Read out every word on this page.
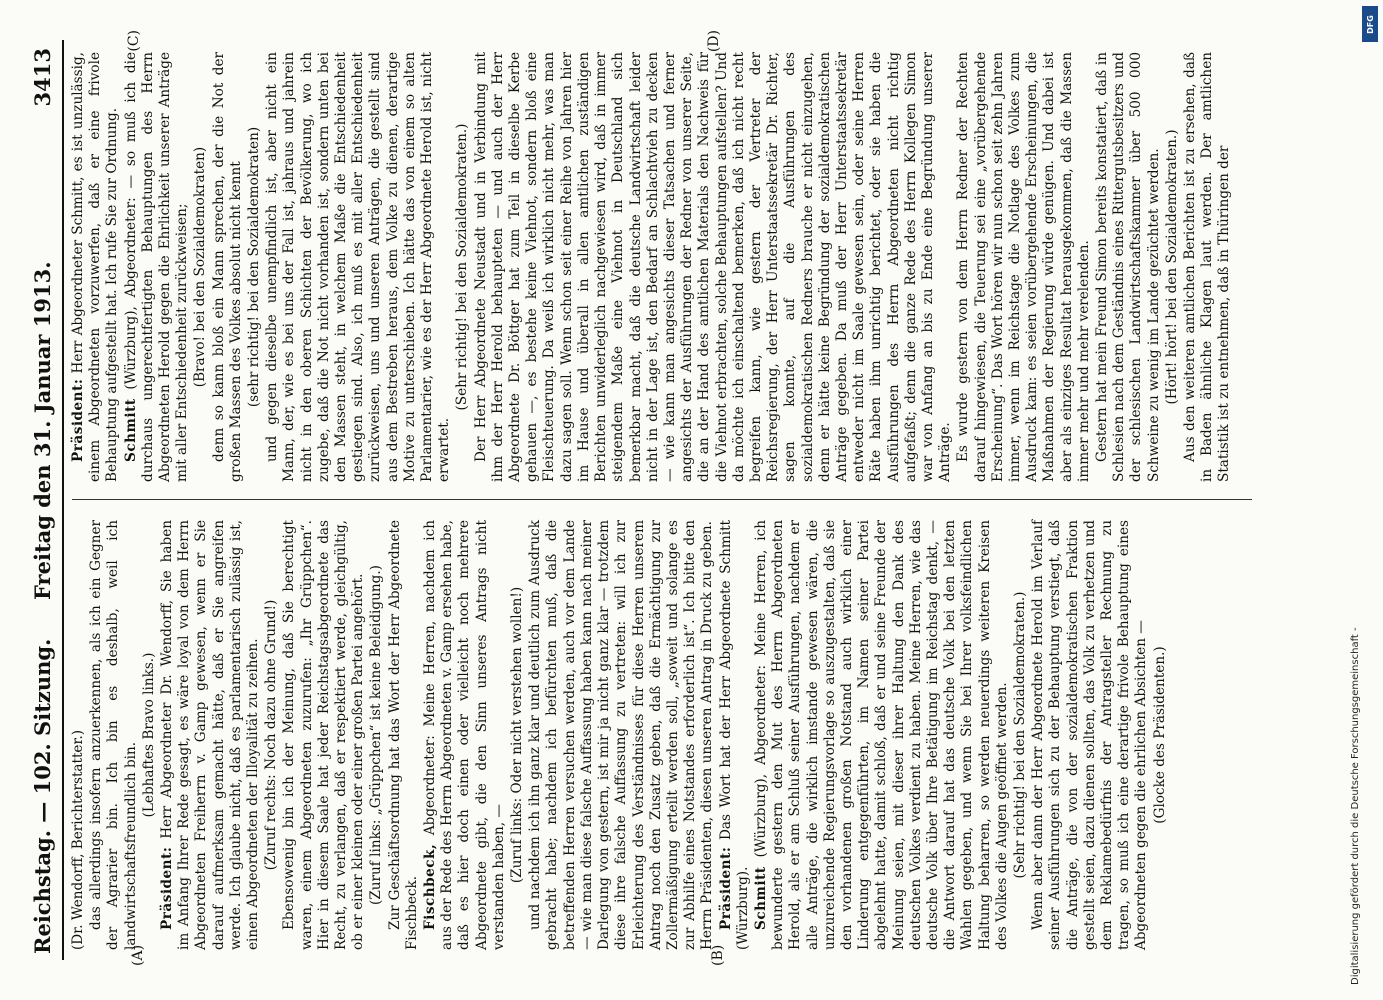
Reichstag. — 102. Sitzung.
Freitag den 31. Januar 1913.
3413
(A)	(B)

(Dr. Wendorff, Berichterstatter.) das allerdings insofern anzuerkennen, als ich ein Gegner der Agrarier bin. Ich bin es deshalb, weil ich landwirtschaftsfreundlich bin.

(Lebhaftes Bravo links.)

Präsident: Herr Abgeordneter Dr. Wendorff, Sie haben im Anfang Ihrer Rede gesagt, es wäre loyal von dem Herrn Abgeordneten Freiherrn v. Gamp gewesen, wenn er Sie darauf aufmerksam gemacht hätte, daß er Sie angreifen werde. Ich glaube nicht, daß es parlamentarisch zulässig ist, einen Abgeordneten der Illoyalität zu zeihen. (Zuruf rechts: Noch dazu ohne Grund!) Ebensowenig bin ich der Meinung, daß Sie berechtigt waren, einem Abgeordneten zuzurufen: „Ihr Grüppchen“. Hier in diesem Saale hat jeder Reichstagsabgeordnete das Recht, zu verlangen, daß er respektiert werde, gleichgültig, ob er einer kleinen oder einer großen Partei angehört. (Zuruf links: „Grüppchen“ ist keine Beleidigung.) Zur Geschäftsordnung hat das Wort der Herr Abgeordnete Fischbeck. Fischbeck, Abgeordneter: Meine Herren, nachdem ich aus der Rede des Herrn Abgeordneten v. Gamp ersehen habe, daß es hier doch einen oder vielleicht noch mehrere Abgeordnete gibt, die den Sinn unseres Antrags nicht verstanden haben, — (Zuruf links: Oder nicht verstehen wollen!) und nachdem ich ihn ganz klar und deutlich zum Ausdruck gebracht habe; nachdem ich befürchten muß, daß die betreffenden Herren versuchen werden, auch vor dem Lande — wie man diese falsche Auffassung haben kann nach meiner Darlegung von gestern, ist mir ja nicht ganz klar — trotzdem diese ihre falsche Auffassung zu vertreten: will ich zur Erleichterung des Verständnisses für diese Herren unserem Antrag noch den Zusatz geben, daß die Ermächtigung zur Zollermäßigung erteilt werden soll, „soweit und solange es zur Abhilfe eines Notstandes erforderlich ist“. Ich bitte den Herrn Präsidenten, diesen unseren Antrag in Druck zu geben. Präsident: Das Wort hat der Herr Abgeordnete Schmitt (Würzburg). Schmitt (Würzburg), Abgeordneter: Meine Herren, ich bewunderte gestern den Mut des Herrn Abgeordneten Herold, als er am Schluß seiner Ausführungen, nachdem er alle Anträge, die wirklich imstande gewesen wären, die unzureichende Regierungsvorlage so auszugestalten, daß sie den vorhandenen großen Notstand auch wirklich einer Linderung entgegenführten, im Namen seiner Partei abgelehnt hatte, damit schloß, daß er und seine Freunde der Meinung seien, mit dieser ihrer Haltung den Dank des deutschen Volkes verdient zu haben. Meine Herren, wie das deutsche Volk über Ihre Betätigung im Reichstag denkt, — die Antwort darauf hat das deutsche Volk bei den letzten Wahlen gegeben, und wenn Sie bei Ihrer volksfeindlichen Haltung beharren, so werden neuerdings weiteren Kreisen des Volkes die Augen geöffnet werden. (Sehr richtig! bei den Sozialdemokraten.) Wenn aber dann der Herr Abgeordnete Herold im Verlauf seiner Ausführungen sich zu der Behauptung verstiegt, daß die Anträge, die von der sozialdemokratischen Fraktion gestellt seien, dazu dienen sollten, das Volk zu verhetzen und dem Reklamebedürfnis der Antragsteller Rechnung zu tragen, so muß ich eine derartige frivole Behauptung eines Abgeordneten gegen die ehrlichen Absichten — (Glocke des Präsidenten.)

(C)	(D)

Präsident: Herr Abgeordneter Schmitt, es ist unzulässig, einem Abgeordneten vorzuwerfen, daß er eine frivole Behauptung aufgestellt hat. Ich rufe Sie zur Ordnung. Schmitt (Würzburg), Abgeordneter: — so muß ich die durchaus ungerechtfertigten Behauptungen des Herrn Abgeordneten Herold gegen die Ehrlichkeit unserer Anträge mit aller Entschiedenheit zurückweisen; (Bravo! bei den Sozialdemokraten) denn so kann bloß ein Mann sprechen, der die Not der großen Massen des Volkes absolut nicht kennt (sehr richtig! bei den Sozialdemokraten) und gegen dieselbe unempfindlich ist, aber nicht ein Mann, der, wie es bei uns der Fall ist, jahraus und jahrein nicht in den oberen Schichten der Bevölkerung, wo ich zugebe, daß die Not nicht vorhanden ist, sondern unten bei den Massen steht, in welchem Maße die Entschiedenheit gestiegen sind. Also, ich muß es mit aller Entschiedenheit zurückweisen, uns und unseren Anträgen, die gestellt sind aus dem Bestreben heraus, dem Volke zu dienen, derartige Motive zu unterschieben. Ich hätte das von einem so alten Parlamentarier, wie es der Herr Abgeordnete Herold ist, nicht erwartet.

(Sehr richtig! bei den Sozialdemokraten.) Der Herr Abgeordnete Neustadt und in Verbindung mit ihm der Herr Herold behaupteten — und auch der Herr Abgeordnete Dr. Böttger hat zum Teil in dieselbe Kerbe gehauen —, es bestehe keine Viehnot, sondern bloß eine Fleischteuerung. Da weiß ich wirklich nicht mehr, was man dazu sagen soll. Wenn schon seit einer Reihe von Jahren hier im Hause und überall in allen amtlichen zuständigen Berichten unwiderleglich nachgewiesen wird, daß in immer steigendem Maße eine Viehnot in Deutschland sich bemerkbar macht, daß die deutsche Landwirtschaft leider nicht in der Lage ist, den Bedarf an Schlachtvieh zu decken — wie kann man angesichts dieser Tatsachen und ferner angesichts der Ausführungen der Redner von unserer Seite, die an der Hand des amtlichen Materials den Nachweis für die Viehnot erbrachten, solche Behauptungen aufstellen? Und da möchte ich einschaltend bemerken, daß ich nicht recht begreifen kann, wie gestern der Vertreter der Reichsregierung, der Herr Unterstaatssekretär Dr. Richter, sagen konnte, auf die Ausführungen des sozialdemokratischen Redners brauche er nicht einzugehen, denn er hätte keine Begründung der sozialdemokratischen Anträge gegeben. Da muß der Herr Unterstaatssekretär entweder nicht im Saale gewesen sein, oder seine Herren Räte haben ihm unrichtig berichtet, oder sie haben die Ausführungen des Herrn Abgeordneten nicht richtig aufgefaßt; denn die ganze Rede des Herrn Kollegen Simon war von Anfang an bis zu Ende eine Begründung unserer Anträge. Es wurde gestern von dem Herrn Redner der Rechten darauf hingewiesen, die Teuerung sei eine „vorübergehende Erscheinung“. Das Wort hören wir nun schon seit zehn Jahren immer, wenn im Reichstage die Notlage des Volkes zum Ausdruck kam: es seien vorübergehende Erscheinungen, die Maßnahmen der Regierung würde genügen. Und dabei ist aber als einziges Resultat herausgekommen, daß die Massen immer mehr und mehr verelenden. Gestern hat mein Freund Simon bereits konstatiert, daß in Schlesien nach dem Geständnis eines Rittergutsbesitzers und der schlesischen Landwirtschaftskammer über 500 000 Schweine zu wenig im Lande gezüchtet werden. (Hört! hört! bei den Sozialdemokraten.) Aus den weiteren amtlichen Berichten ist zu ersehen, daß in Baden ähnliche Klagen laut werden. Der amtlichen Statistik ist zu entnehmen, daß in Thüringen der

Digitalisierung gefördert durch die Deutsche Forschungsgemeinschaft -
DFG
